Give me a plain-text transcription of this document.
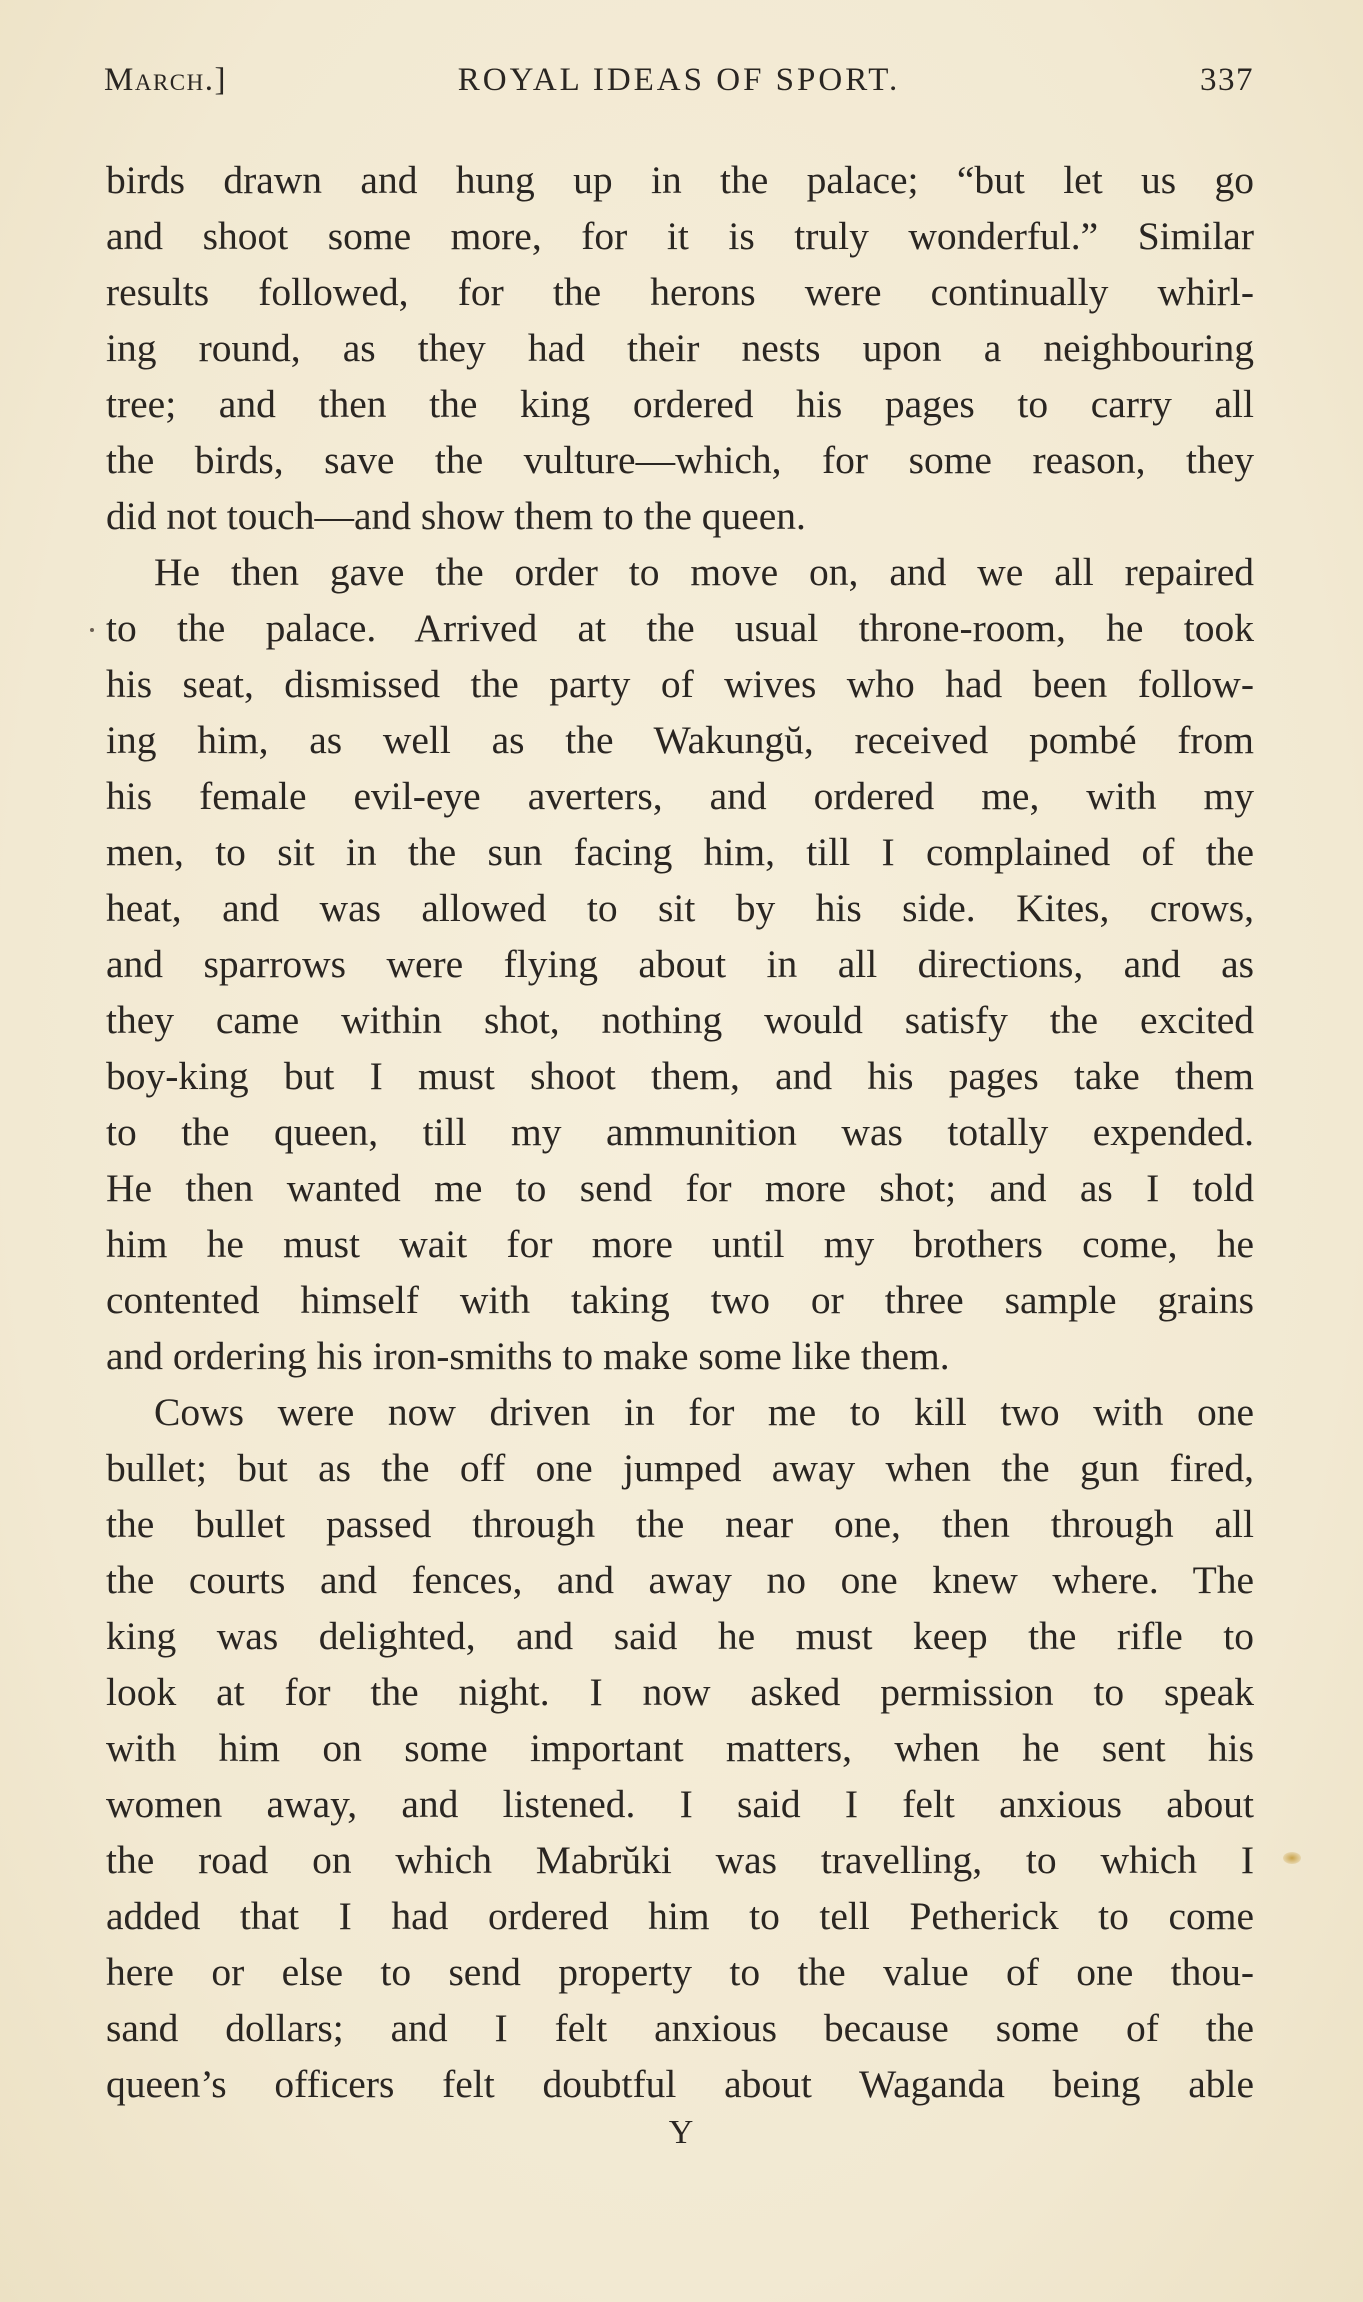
March.]	ROYAL IDEAS OF SPORT.	337
birds drawn and hung up in the palace; “but let us go
and shoot some more, for it is truly wonderful.” Similar
results followed, for the herons were continually whirl-
ing round, as they had their nests upon a neighbouring
tree; and then the king ordered his pages to carry all
the birds, save the vulture—which, for some reason, they
did not touch—and show them to the queen.
He then gave the order to move on, and we all repaired
to the palace. Arrived at the usual throne-room, he took
his seat, dismissed the party of wives who had been follow-
ing him, as well as the Wakungŭ, received pombé from
his female evil-eye averters, and ordered me, with my
men, to sit in the sun facing him, till I complained of the
heat, and was allowed to sit by his side. Kites, crows,
and sparrows were flying about in all directions, and as
they came within shot, nothing would satisfy the excited
boy-king but I must shoot them, and his pages take them
to the queen, till my ammunition was totally expended.
He then wanted me to send for more shot; and as I told
him he must wait for more until my brothers come, he
contented himself with taking two or three sample grains
and ordering his iron-smiths to make some like them.
Cows were now driven in for me to kill two with one
bullet; but as the off one jumped away when the gun fired,
the bullet passed through the near one, then through all
the courts and fences, and away no one knew where. The
king was delighted, and said he must keep the rifle to
look at for the night. I now asked permission to speak
with him on some important matters, when he sent his
women away, and listened. I said I felt anxious about
the road on which Mabrŭki was travelling, to which I
added that I had ordered him to tell Petherick to come
here or else to send property to the value of one thou-
sand dollars; and I felt anxious because some of the
queen’s officers felt doubtful about Waganda being able
Y
